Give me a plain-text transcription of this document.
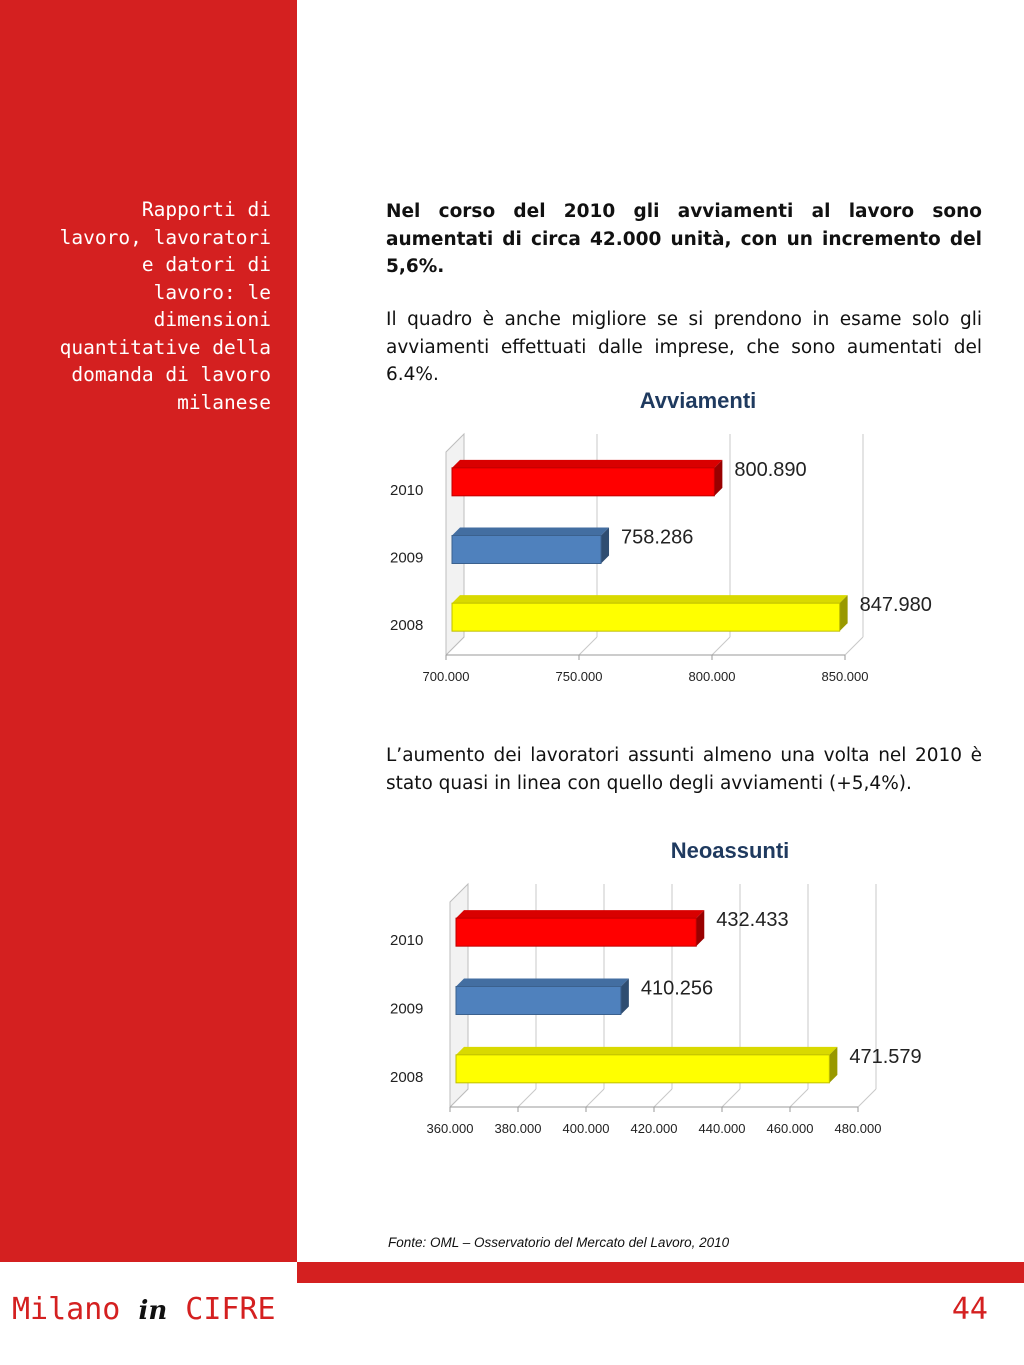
Rapporti di
lavoro, lavoratori
e datori di
lavoro: le
dimensioni
quantitative della
domanda di lavoro
milanese

Nel corso del 2010 gli avviamenti al lavoro sono aumentati di circa 42.000 unità, con un incremento del 5,6%.

Il quadro è anche migliore se si prendono in esame solo gli avviamenti effettuati dalle imprese, che sono aumentati del 6.4%.

Avviamenti
700.000	750.000	800.000	850.000
2010
800.890
2009
758.286
2008
847.980

L’aumento dei lavoratori assunti almeno una volta nel 2010 è stato quasi in linea con quello degli avviamenti (+5,4%).

Neoassunti
360.000 380.000 400.000 420.000 440.000 460.000 480.000
2010
432.433
2009
410.256
2008
471.579
Fonte: OML – Osservatorio del Mercato del Lavoro, 2010
Milano in CIFRE	44
